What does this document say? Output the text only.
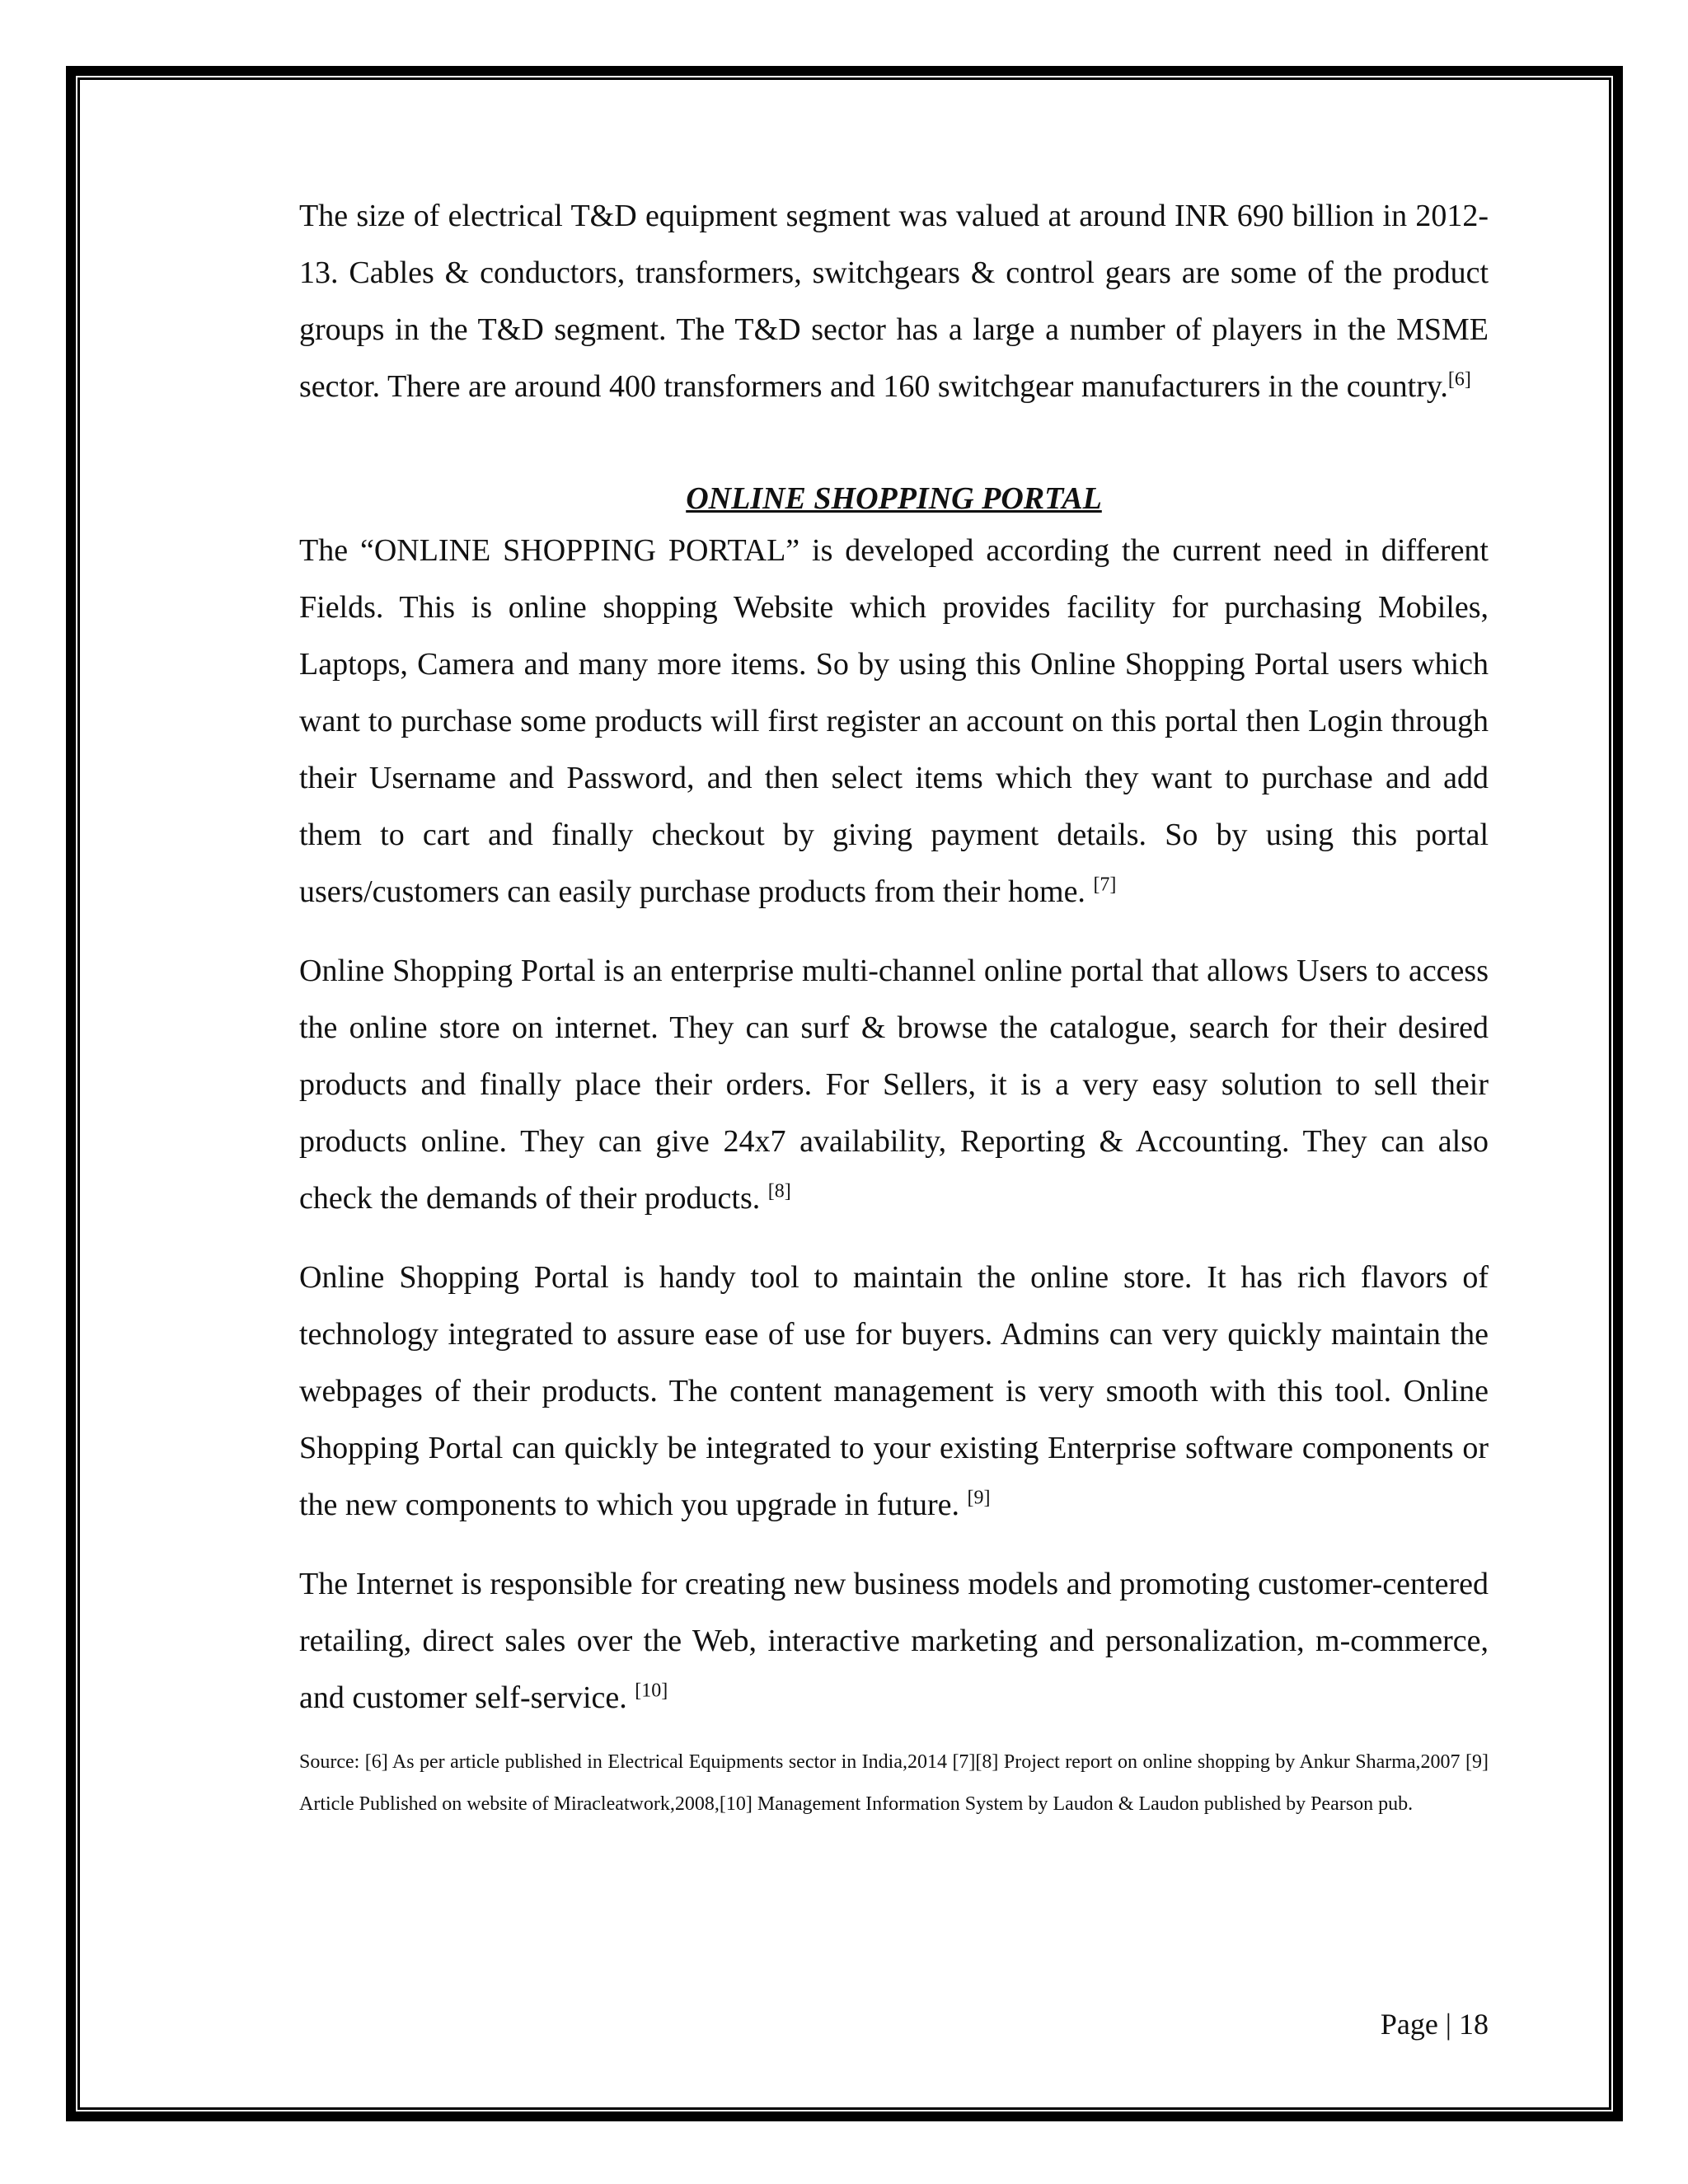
The size of electrical T&D equipment segment was valued at around INR 690 billion in 2012-13. Cables & conductors, transformers, switchgears & control gears are some of the product groups in the T&D segment. The T&D sector has a large a number of players in the MSME sector. There are around 400 transformers and 160 switchgear manufacturers in the country.[6]

ONLINE SHOPPING PORTAL

The “ONLINE SHOPPING PORTAL” is developed according the current need in different Fields. This is online shopping Website which provides facility for purchasing Mobiles, Laptops, Camera and many more items. So by using this Online Shopping Portal users which want to purchase some products will first register an account on this portal then Login through their Username and Password, and then select items which they want to purchase and add them to cart and finally checkout by giving payment details. So by using this portal users/customers can easily purchase products from their home. [7]

Online Shopping Portal is an enterprise multi-channel online portal that allows Users to access the online store on internet. They can surf & browse the catalogue, search for their desired products and finally place their orders. For Sellers, it is a very easy solution to sell their products online. They can give 24x7 availability, Reporting & Accounting. They can also check the demands of their products. [8]

Online Shopping Portal is handy tool to maintain the online store. It has rich flavors of technology integrated to assure ease of use for buyers. Admins can very quickly maintain the webpages of their products. The content management is very smooth with this tool. Online Shopping Portal can quickly be integrated to your existing Enterprise software components or the new components to which you upgrade in future. [9]

The Internet is responsible for creating new business models and promoting customer-centered retailing, direct sales over the Web, interactive marketing and personalization, m-commerce, and customer self-service. [10]

Source: [6] As per article published in Electrical Equipments sector in India,2014 [7][8] Project report on online shopping by Ankur Sharma,2007 [9] Article Published on website of Miracleatwork,2008,[10] Management Information System by Laudon & Laudon published by Pearson pub.

Page | 18
